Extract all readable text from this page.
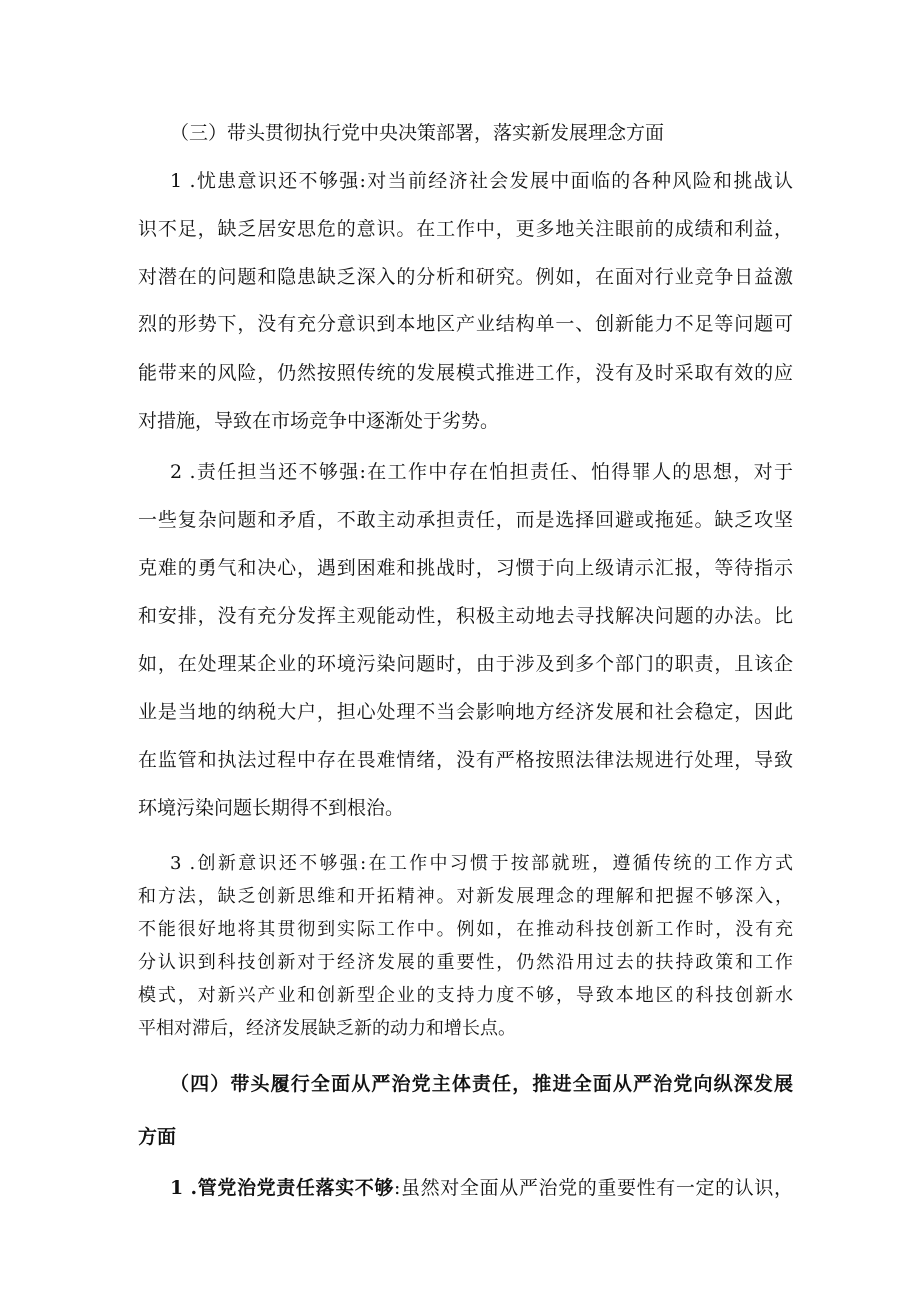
（三）带头贯彻执行党中央决策部署，落实新发展理念方面
1 .忧患意识还不够强:对当前经济社会发展中面临的各种风险和挑战认
识不足，缺乏居安思危的意识。在工作中，更多地关注眼前的成绩和利益，
对潜在的问题和隐患缺乏深入的分析和研究。例如，在面对行业竞争日益激
烈的形势下，没有充分意识到本地区产业结构单一、创新能力不足等问题可
能带来的风险，仍然按照传统的发展模式推进工作，没有及时采取有效的应
对措施，导致在市场竞争中逐渐处于劣势。
2 .责任担当还不够强:在工作中存在怕担责任、怕得罪人的思想，对于
一些复杂问题和矛盾，不敢主动承担责任，而是选择回避或拖延。缺乏攻坚
克难的勇气和决心，遇到困难和挑战时，习惯于向上级请示汇报，等待指示
和安排，没有充分发挥主观能动性，积极主动地去寻找解决问题的办法。比
如，在处理某企业的环境污染问题时，由于涉及到多个部门的职责，且该企
业是当地的纳税大户，担心处理不当会影响地方经济发展和社会稳定，因此
在监管和执法过程中存在畏难情绪，没有严格按照法律法规进行处理，导致
环境污染问题长期得不到根治。
3 .创新意识还不够强:在工作中习惯于按部就班，遵循传统的工作方式
和方法，缺乏创新思维和开拓精神。对新发展理念的理解和把握不够深入，
不能很好地将其贯彻到实际工作中。例如，在推动科技创新工作时，没有充
分认识到科技创新对于经济发展的重要性，仍然沿用过去的扶持政策和工作
模式，对新兴产业和创新型企业的支持力度不够，导致本地区的科技创新水
平相对滞后，经济发展缺乏新的动力和增长点。
（四）带头履行全面从严治党主体责任，推进全面从严治党向纵深发展
方面
1 .管党治党责任落实不够:虽然对全面从严治党的重要性有一定的认识，
